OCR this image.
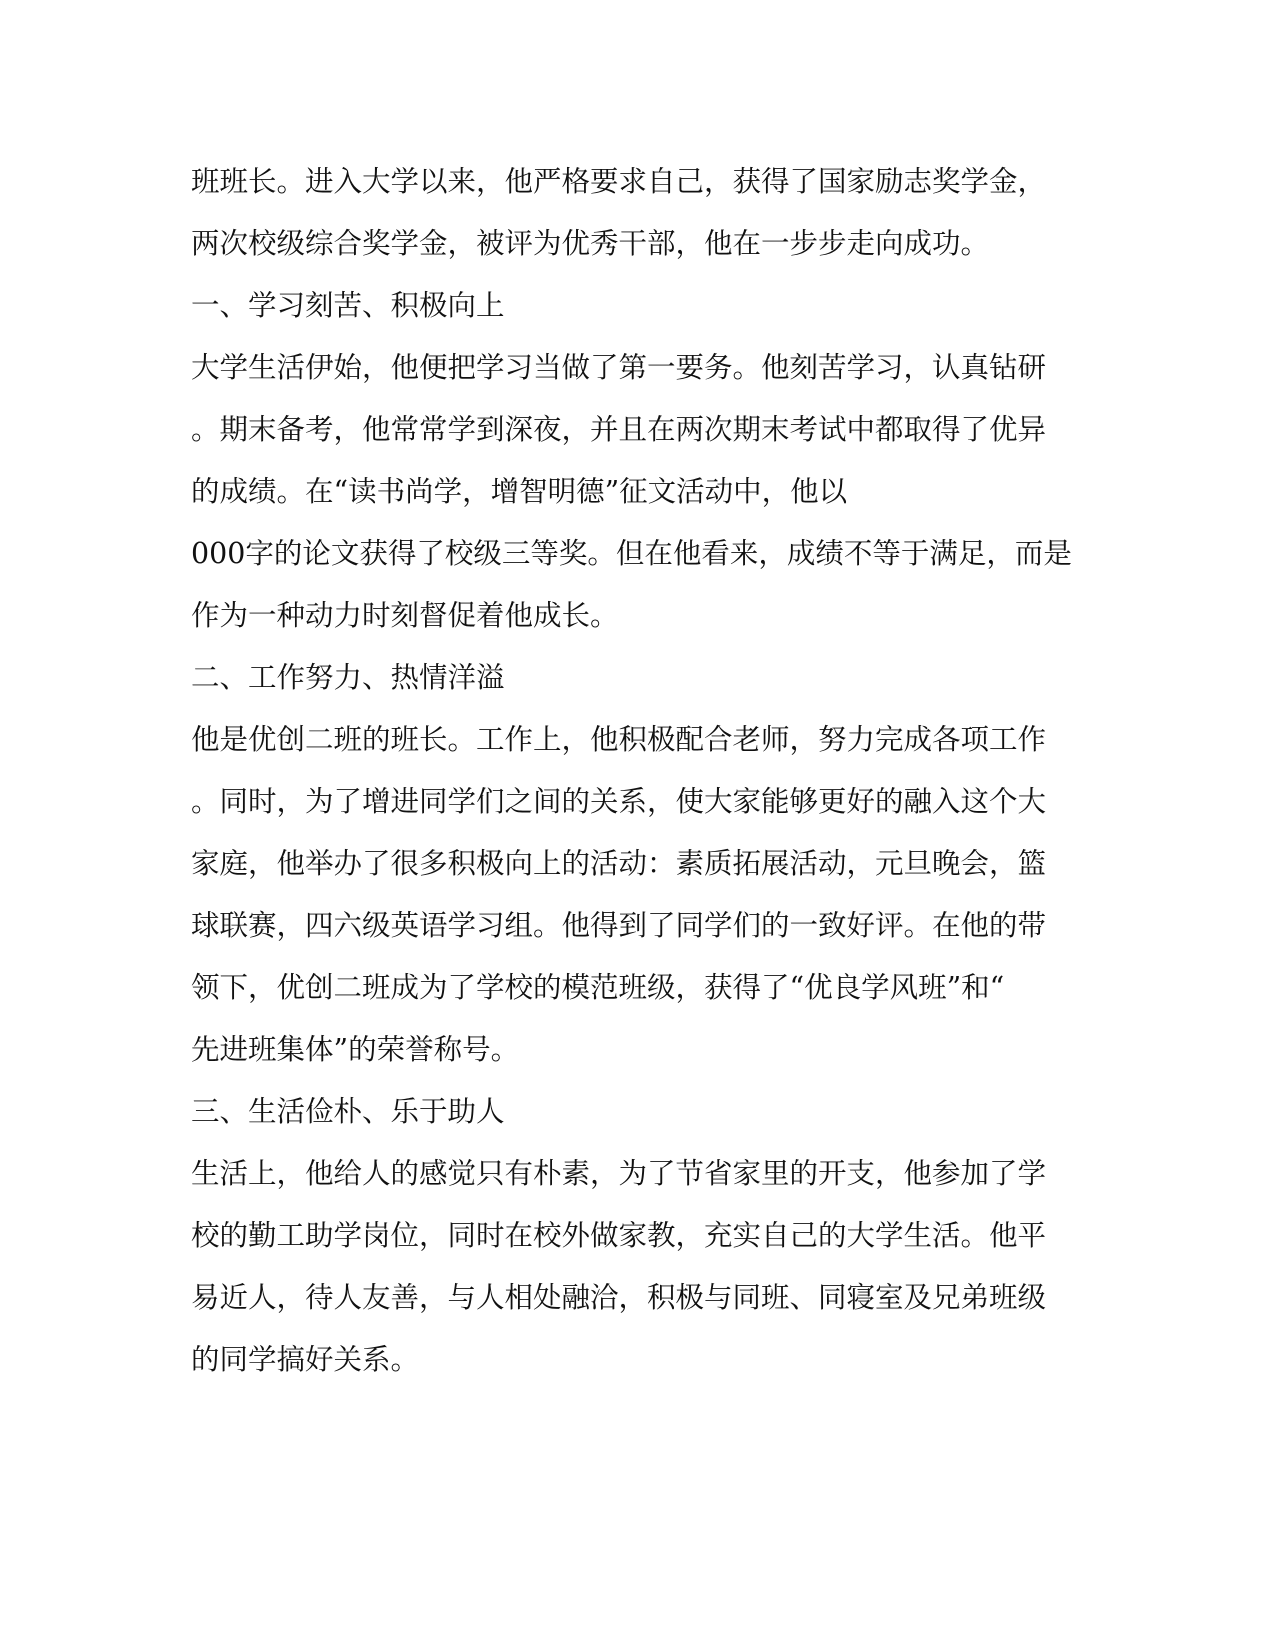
班班长。进入大学以来，他严格要求自己，获得了国家励志奖学金，
两次校级综合奖学金，被评为优秀干部，他在一步步走向成功。
一、学习刻苦、积极向上
大学生活伊始，他便把学习当做了第一要务。他刻苦学习，认真钻研
。期末备考，他常常学到深夜，并且在两次期末考试中都取得了优异
的成绩。在“读书尚学，增智明德”征文活动中，他以
000字的论文获得了校级三等奖。但在他看来，成绩不等于满足，而是
作为一种动力时刻督促着他成长。
二、工作努力、热情洋溢
他是优创二班的班长。工作上，他积极配合老师，努力完成各项工作
。同时，为了增进同学们之间的关系，使大家能够更好的融入这个大
家庭，他举办了很多积极向上的活动：素质拓展活动，元旦晚会，篮
球联赛，四六级英语学习组。他得到了同学们的一致好评。在他的带
领下，优创二班成为了学校的模范班级，获得了“优良学风班”和“
先进班集体”的荣誉称号。
三、生活俭朴、乐于助人
生活上，他给人的感觉只有朴素，为了节省家里的开支，他参加了学
校的勤工助学岗位，同时在校外做家教，充实自己的大学生活。他平
易近人，待人友善，与人相处融洽，积极与同班、同寝室及兄弟班级
的同学搞好关系。
